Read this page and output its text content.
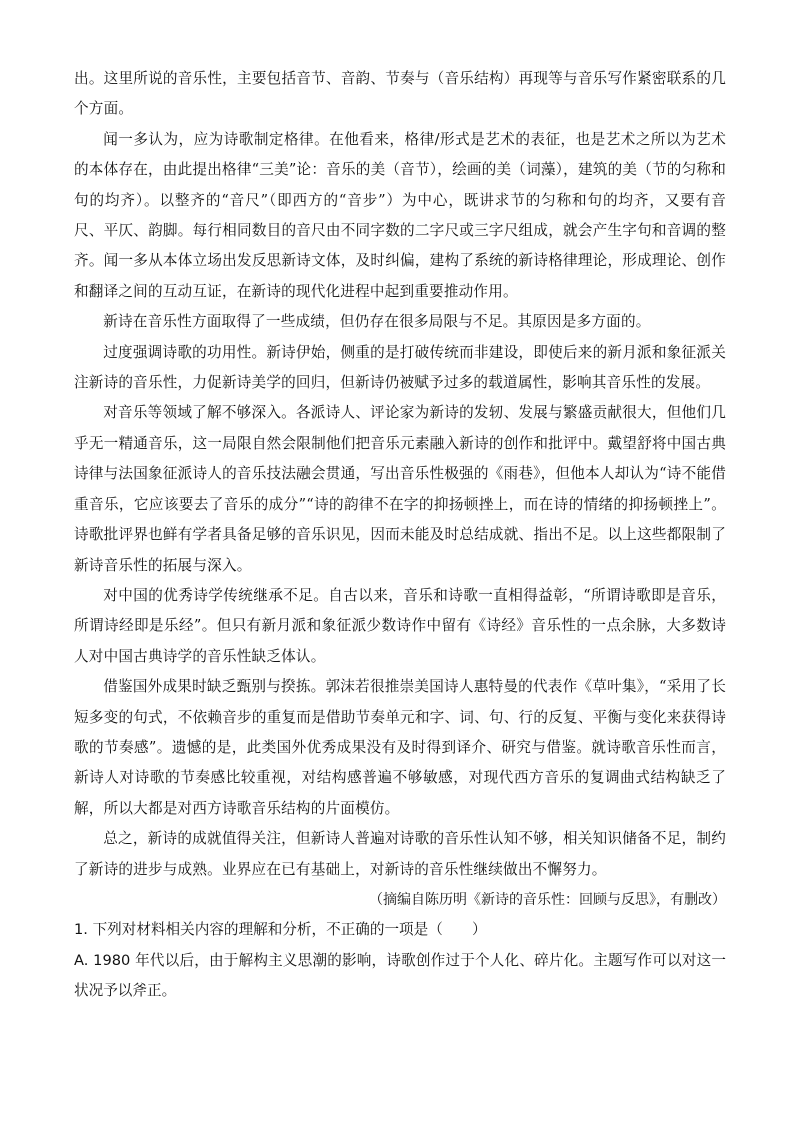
出。这里所说的音乐性，主要包括音节、音韵、节奏与（音乐结构）再现等与音乐写作紧密联系的几个方面。

闻一多认为，应为诗歌制定格律。在他看来，格律/形式是艺术的表征，也是艺术之所以为艺术的本体存在，由此提出格律“三美”论：音乐的美（音节），绘画的美（词藻），建筑的美（节的匀称和句的均齐）。以整齐的“音尺”（即西方的“音步”）为中心，既讲求节的匀称和句的均齐，又要有音尺、平仄、韵脚。每行相同数目的音尺由不同字数的二字尺或三字尺组成，就会产生字句和音调的整齐。闻一多从本体立场出发反思新诗文体，及时纠偏，建构了系统的新诗格律理论，形成理论、创作和翻译之间的互动互证，在新诗的现代化进程中起到重要推动作用。

新诗在音乐性方面取得了一些成绩，但仍存在很多局限与不足。其原因是多方面的。

过度强调诗歌的功用性。新诗伊始，侧重的是打破传统而非建设，即使后来的新月派和象征派关注新诗的音乐性，力促新诗美学的回归，但新诗仍被赋予过多的载道属性，影响其音乐性的发展。

对音乐等领域了解不够深入。各派诗人、评论家为新诗的发轫、发展与繁盛贡献很大，但他们几乎无一精通音乐，这一局限自然会限制他们把音乐元素融入新诗的创作和批评中。戴望舒将中国古典诗律与法国象征派诗人的音乐技法融会贯通，写出音乐性极强的《雨巷》，但他本人却认为“诗不能借重音乐，它应该要去了音乐的成分”“诗的韵律不在字的抑扬顿挫上，而在诗的情绪的抑扬顿挫上”。诗歌批评界也鲜有学者具备足够的音乐识见，因而未能及时总结成就、指出不足。以上这些都限制了新诗音乐性的拓展与深入。

对中国的优秀诗学传统继承不足。自古以来，音乐和诗歌一直相得益彰，“所谓诗歌即是音乐，所谓诗经即是乐经”。但只有新月派和象征派少数诗作中留有《诗经》音乐性的一点余脉，大多数诗人对中国古典诗学的音乐性缺乏体认。

借鉴国外成果时缺乏甄别与揆拣。郭沫若很推崇美国诗人惠特曼的代表作《草叶集》，“采用了长短多变的句式，不依赖音步的重复而是借助节奏单元和字、词、句、行的反复、平衡与变化来获得诗歌的节奏感”。遗憾的是，此类国外优秀成果没有及时得到译介、研究与借鉴。就诗歌音乐性而言，新诗人对诗歌的节奏感比较重视，对结构感普遍不够敏感，对现代西方音乐的复调曲式结构缺乏了解，所以大都是对西方诗歌音乐结构的片面模仿。

总之，新诗的成就值得关注，但新诗人普遍对诗歌的音乐性认知不够，相关知识储备不足，制约了新诗的进步与成熟。业界应在已有基础上，对新诗的音乐性继续做出不懈努力。

（摘编自陈历明《新诗的音乐性：回顾与反思》，有删改）

1. 下列对材料相关内容的理解和分析，不正确的一项是（　　）

A. 1980 年代以后，由于解构主义思潮的影响，诗歌创作过于个人化、碎片化。主题写作可以对这一状况予以斧正。
